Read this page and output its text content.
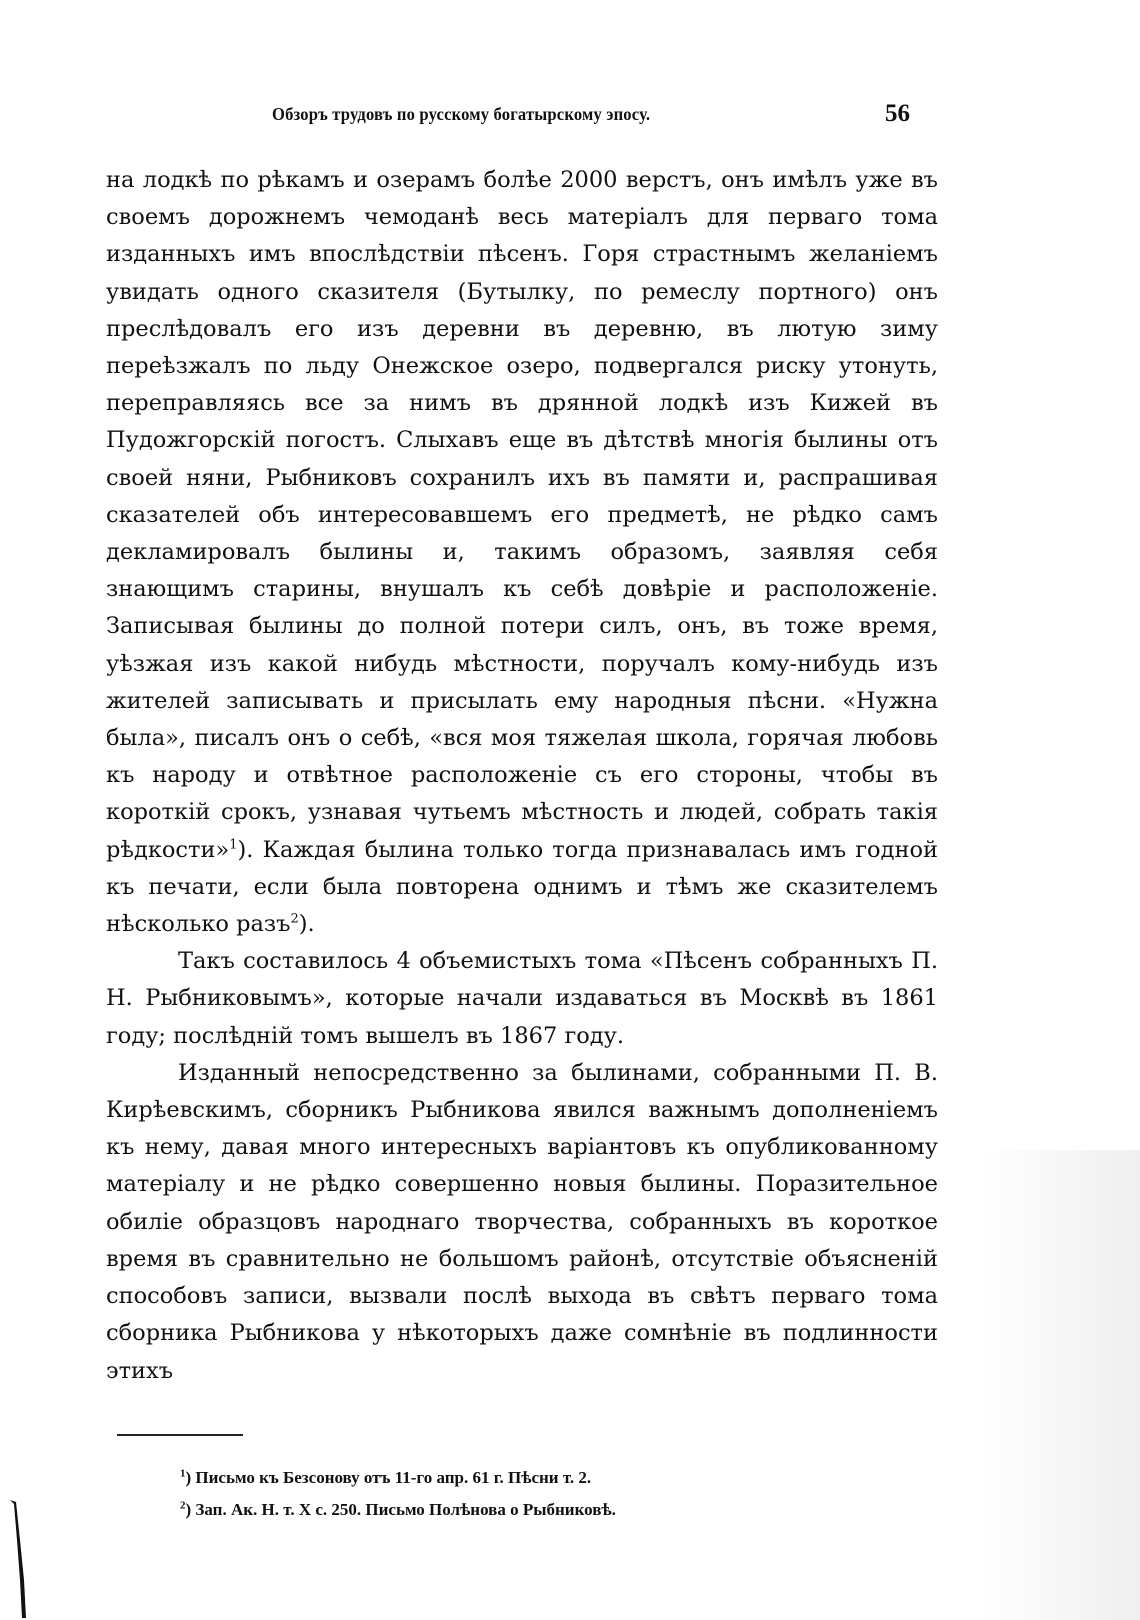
Обзоръ трудовъ по русскому богатырскому эпосу.	56

на лодкѣ по рѣкамъ и озерамъ болѣе 2000 верстъ, онъ имѣлъ уже въ своемъ дорожнемъ чемоданѣ весь матеріалъ для перваго тома изданныхъ имъ впослѣдствіи пѣсенъ. Горя страстнымъ желаніемъ увидать одного сказителя (Бутылку, по ремеслу портного) онъ преслѣдовалъ его изъ деревни въ деревню, въ лютую зиму переѣзжалъ по льду Онежское озеро, подвергался риску утонуть, переправляясь все за нимъ въ дрянной лодкѣ изъ Кижей въ Пудожгорскій погостъ. Слыхавъ еще въ дѣтствѣ многія былины отъ своей няни, Рыбниковъ сохранилъ ихъ въ памяти и, распрашивая сказателей объ интересовавшемъ его предметѣ, не рѣдко самъ декламировалъ былины и, такимъ образомъ, заявляя себя знающимъ старины, внушалъ къ себѣ довѣріе и расположеніе. Записывая былины до полной потери силъ, онъ, въ тоже время, уѣзжая изъ какой нибудь мѣстности, поручалъ кому-нибудь изъ жителей записывать и присылать ему народныя пѣсни. «Нужна была», писалъ онъ о себѣ, «вся моя тяжелая школа, горячая любовь къ народу и отвѣтное расположеніе съ его стороны, чтобы въ короткій срокъ, узнавая чутьемъ мѣстность и людей, собрать такія рѣдкости»$^1$). Каждая былина только тогда признавалась имъ годной къ печати, если была повторена однимъ и тѣмъ же сказителемъ нѣсколько разъ$^2$).

Такъ составилось 4 объемистыхъ тома «Пѣсенъ собранныхъ П. Н. Рыбниковымъ», которые начали издаваться въ Москвѣ въ 1861 году; послѣдній томъ вышелъ въ 1867 году.

Изданный непосредственно за былинами, собранными П. В. Кирѣевскимъ, сборникъ Рыбникова явился важнымъ дополненіемъ къ нему, давая много интересныхъ варіантовъ къ опубликованному матеріалу и не рѣдко совершенно новыя былины. Поразительное обиліе образцовъ народнаго творчества, собранныхъ въ короткое время въ сравнительно не большомъ районѣ, отсутствіе объясненій способовъ записи, вызвали послѣ выхода въ свѣтъ перваго тома сборника Рыбникова у нѣкоторыхъ даже сомнѣніе въ подлинности этихъ

$^1$) Письмо къ Безсонову отъ 11-го апр. 61 г. Пѣсни т. 2.
$^2$) Зап. Ак. Н. т. X с. 250. Письмо Полѣнова о Рыбниковѣ.
